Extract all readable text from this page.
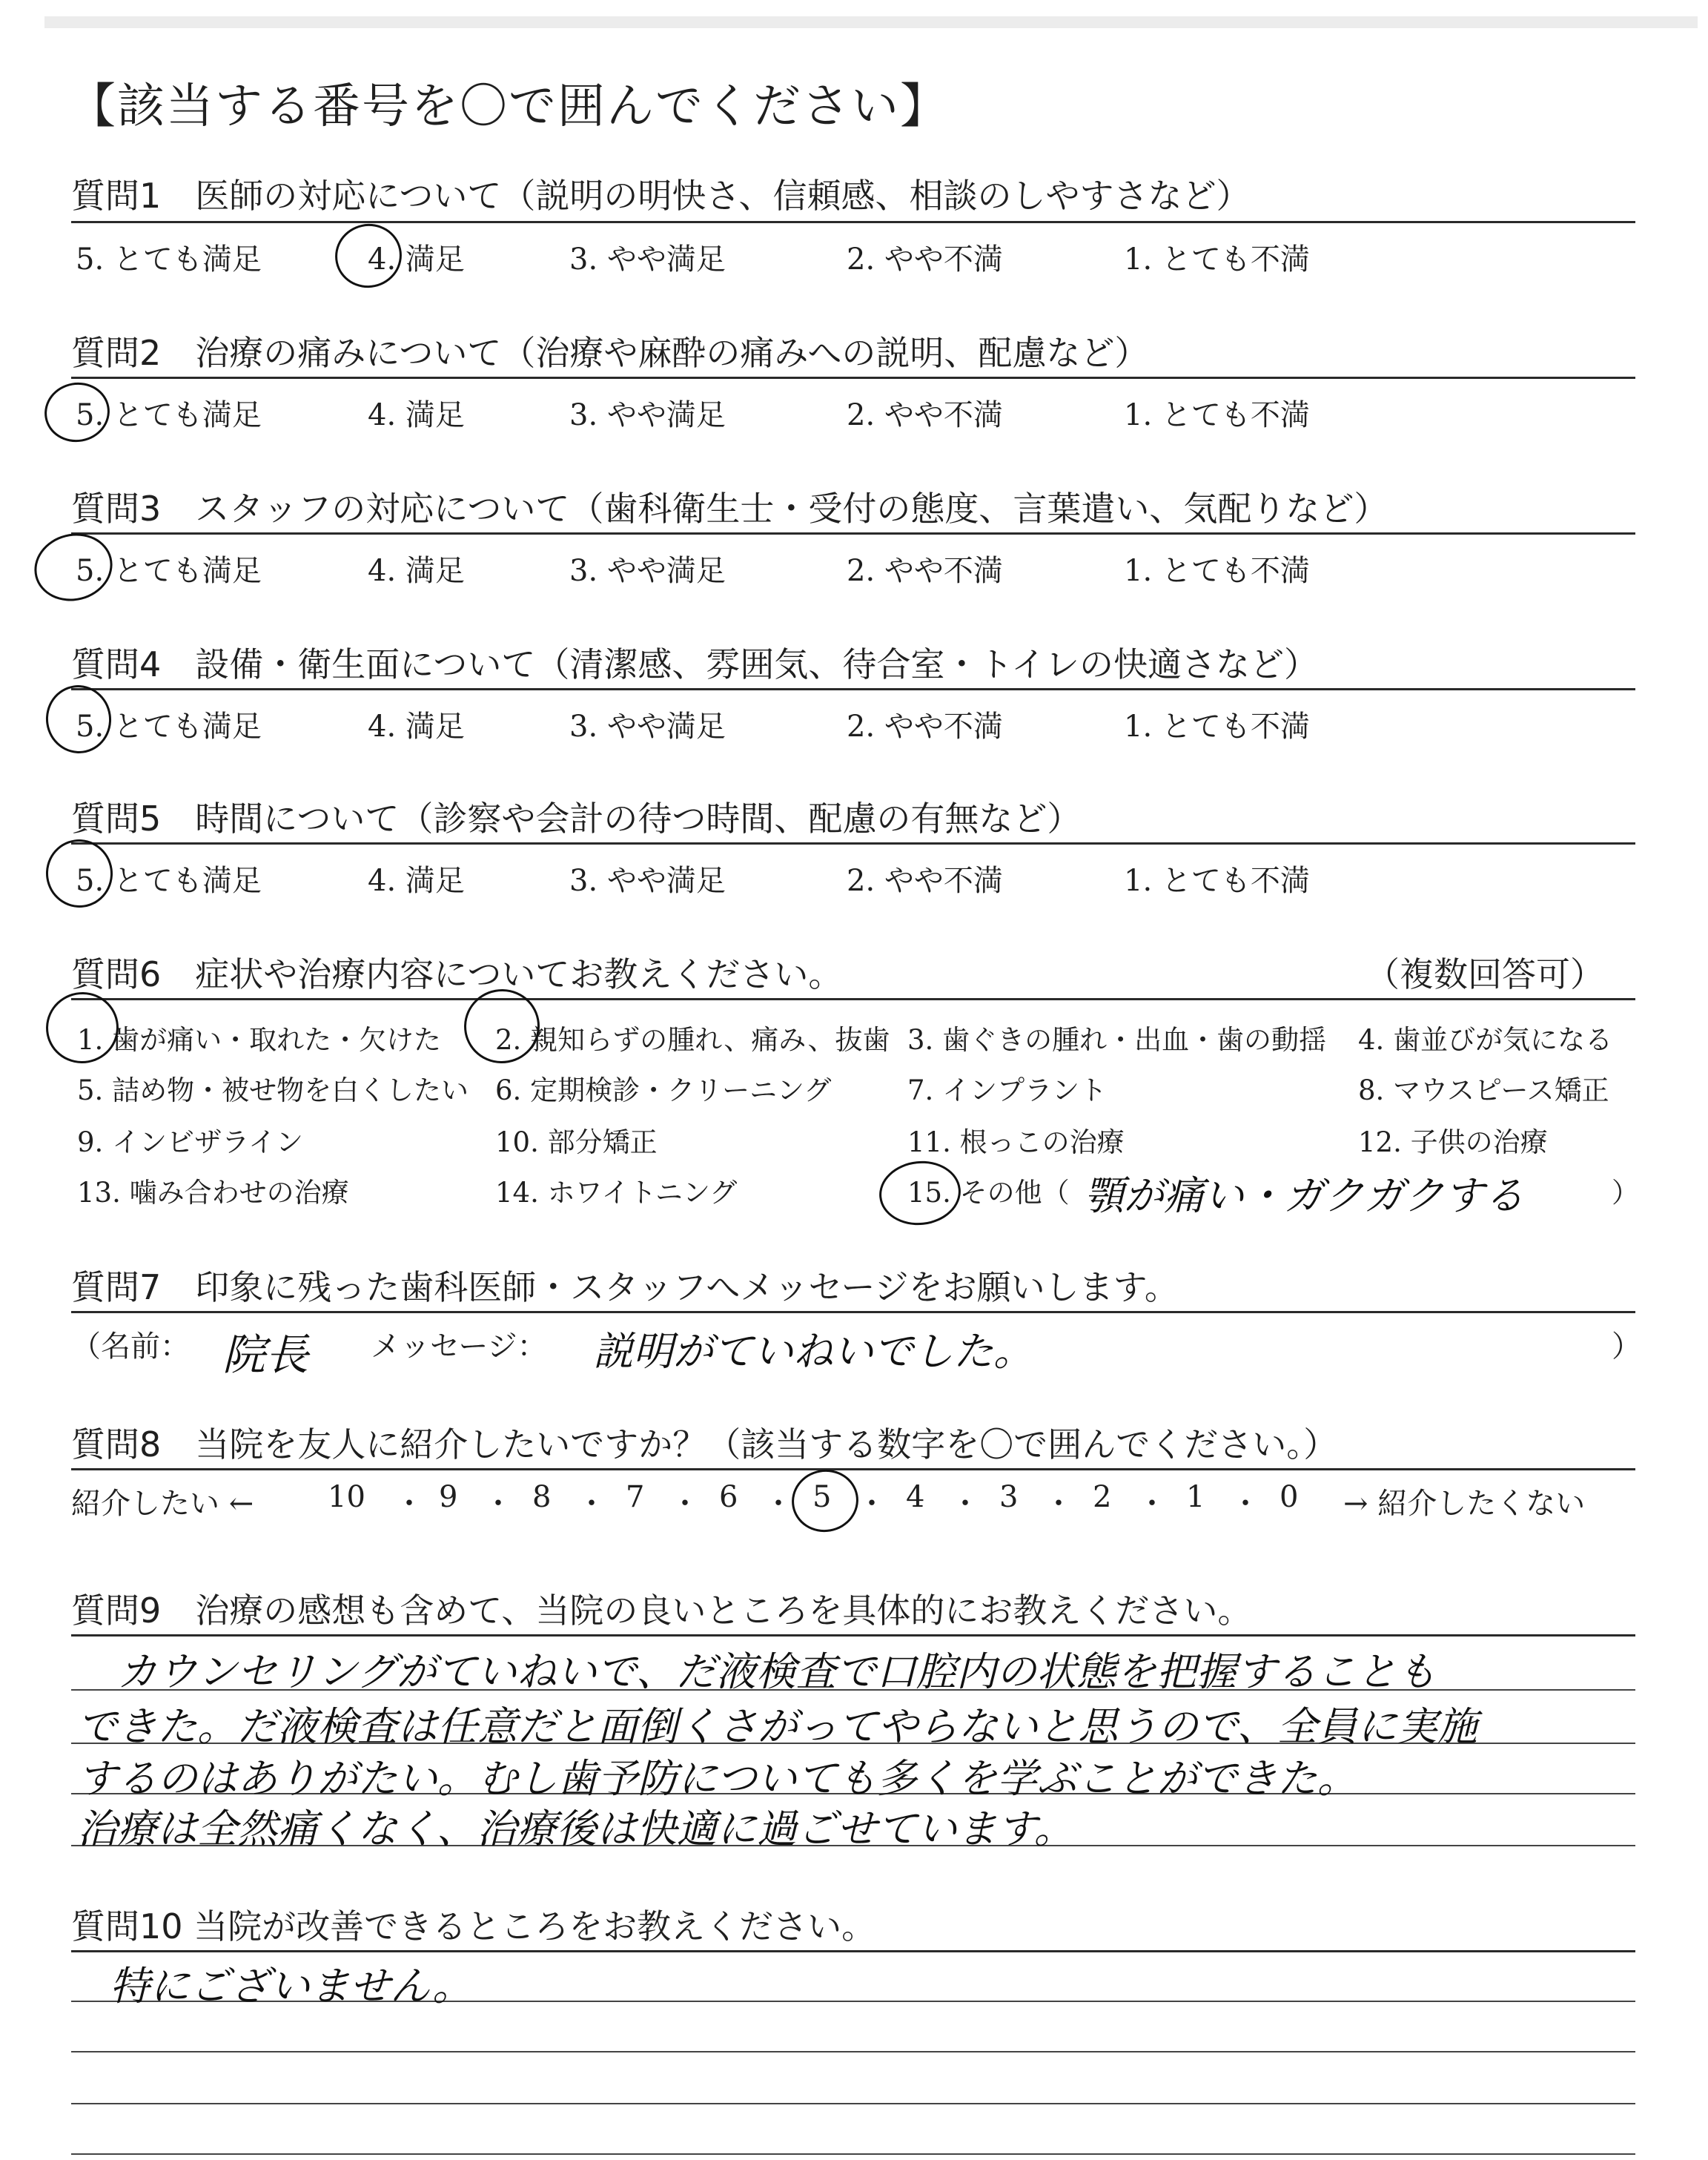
【該当する番号を〇で囲んでください】
質問1　医師の対応について（説明の明快さ、信頼感、相談のしやすさなど）
5. とても満足	4. 満足	3. やや満足	2. やや不満	1. とても不満
質問2　治療の痛みについて（治療や麻酔の痛みへの説明、配慮など）
5. とても満足	4. 満足	3. やや満足	2. やや不満	1. とても不満
質問3　スタッフの対応について（歯科衛生士・受付の態度、言葉遣い、気配りなど）
5. とても満足	4. 満足	3. やや満足	2. やや不満	1. とても不満
質問4　設備・衛生面について（清潔感、雰囲気、待合室・トイレの快適さなど）
5. とても満足	4. 満足	3. やや満足	2. やや不満	1. とても不満
質問5　時間について（診察や会計の待つ時間、配慮の有無など）
5. とても満足	4. 満足	3. やや満足	2. やや不満	1. とても不満
質問6　症状や治療内容についてお教えください。	（複数回答可）
1. 歯が痛い・取れた・欠けた 2. 親知らずの腫れ、痛み、抜歯 3. 歯ぐきの腫れ・出血・歯の動揺 4. 歯並びが気になる
5. 詰め物・被せ物を白くしたい 6. 定期検診・クリーニング	7. インプラント	8. マウスピース矯正
9. インビザライン	10. 部分矯正	11. 根っこの治療	12. 子供の治療
13. 噛み合わせの治療	14. ホワイトニング	15. その他（ 顎が痛い・ガクガクする	）
質問7　印象に残った歯科医師・スタッフへメッセージをお願いします。
（名前： 院長 メッセージ： 説明がていねいでした。	）
質問8　当院を友人に紹介したいですか？（該当する数字を〇で囲んでください。）
紹介したい ←	→ 紹介したくない
10 ・ 9 ・ 8 ・ 7 ・ 6 ・ 5 ・ 4 ・ 3 ・ 2 ・ 1 ・ 0
質問9　治療の感想も含めて、当院の良いところを具体的にお教えください。
　カウンセリングがていねいで、だ液検査で口腔内の状態を把握することも
できた。だ液検査は任意だと面倒くさがってやらないと思うので、全員に実施
するのはありがたい。むし歯予防についても多くを学ぶことができた。
治療は全然痛くなく、治療後は快適に過ごせています。
質問10 当院が改善できるところをお教えください。
特にございません。
